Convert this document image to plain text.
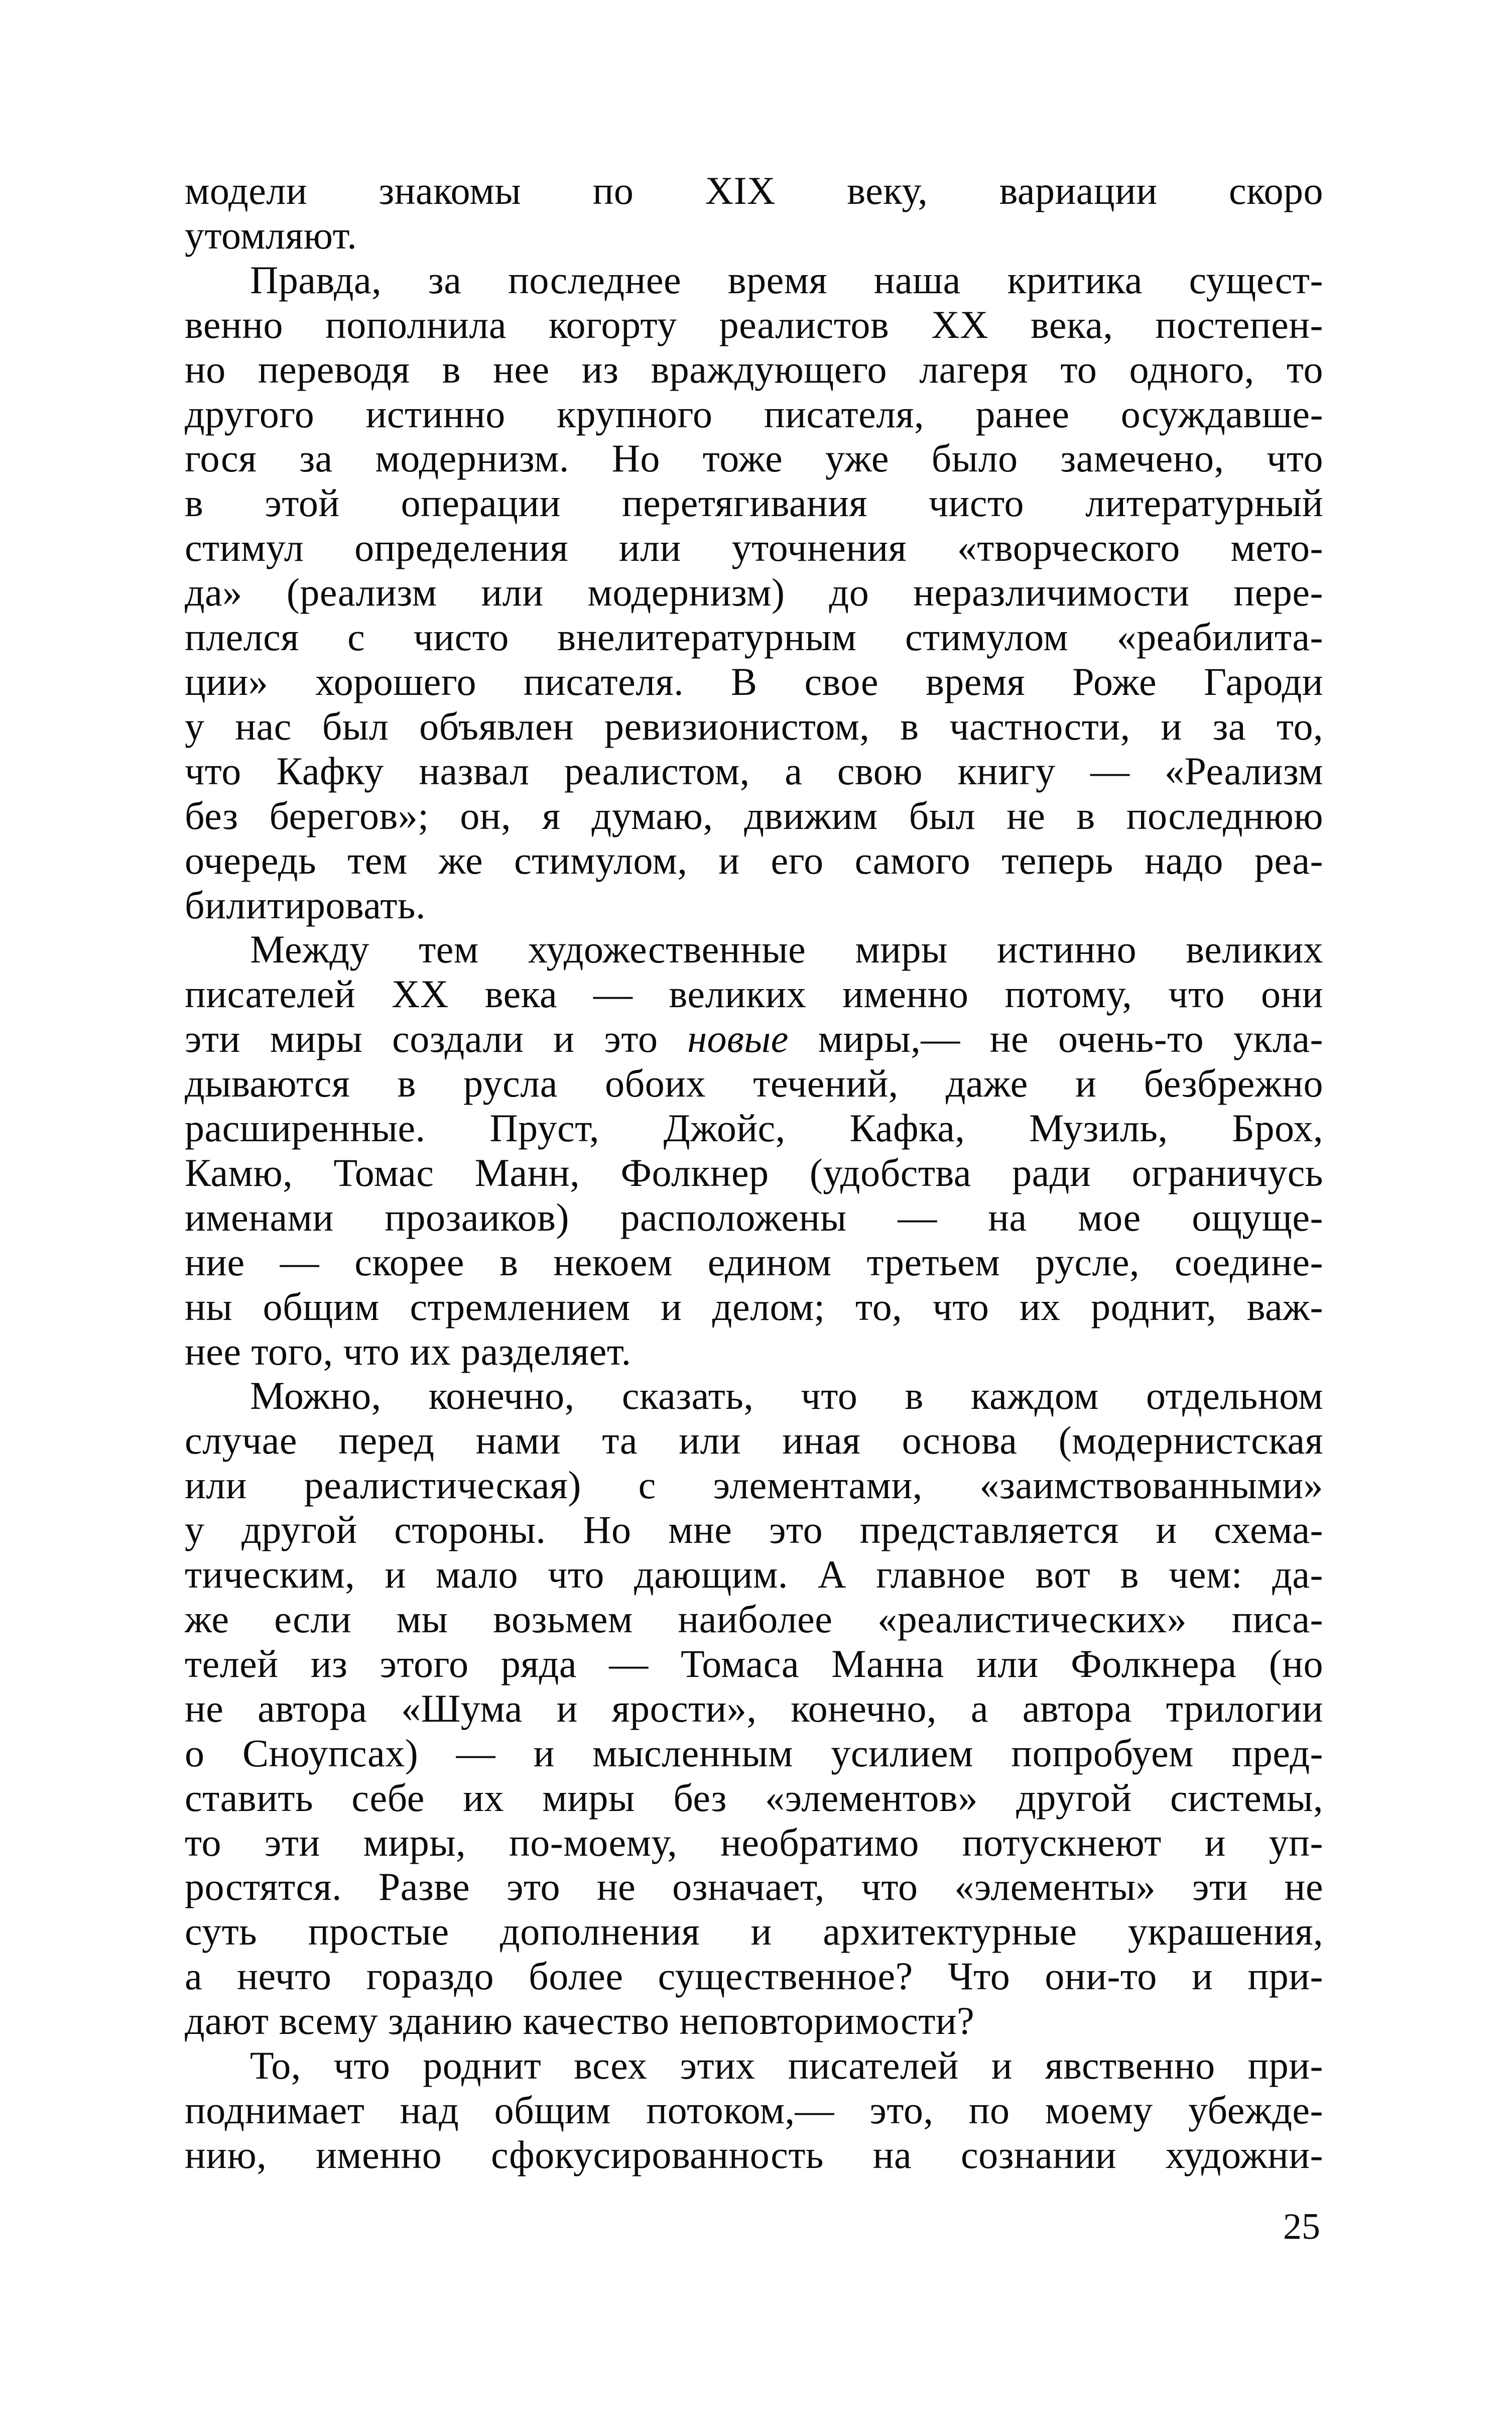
модели знакомы по XIX веку, вариации скоро
утомляют.
Правда, за последнее время наша критика сущест-
венно пополнила когорту реалистов XX века, постепен-
но переводя в нее из враждующего лагеря то одного, то
другого истинно крупного писателя, ранее осуждавше-
гося за модернизм. Но тоже уже было замечено, что
в этой операции перетягивания чисто литературный
стимул определения или уточнения «творческого мето-
да» (реализм или модернизм) до неразличимости пере-
плелся с чисто внелитературным стимулом «реабилита-
ции» хорошего писателя. В свое время Роже Гароди
у нас был объявлен ревизионистом, в частности, и за то,
что Кафку назвал реалистом, а свою книгу — «Реализм
без берегов»; он, я думаю, движим был не в последнюю
очередь тем же стимулом, и его самого теперь надо реа-
билитировать.
Между тем художественные миры истинно великих
писателей XX века — великих именно потому, что они
эти миры создали и это новые миры,— не очень-то укла-
дываются в русла обоих течений, даже и безбрежно
расширенные. Пруст, Джойс, Кафка, Музиль, Брох,
Камю, Томас Манн, Фолкнер (удобства ради ограничусь
именами прозаиков) расположены — на мое ощуще-
ние — скорее в некоем едином третьем русле, соедине-
ны общим стремлением и делом; то, что их роднит, важ-
нее того, что их разделяет.
Можно, конечно, сказать, что в каждом отдельном
случае перед нами та или иная основа (модернистская
или реалистическая) с элементами, «заимствованными»
у другой стороны. Но мне это представляется и схема-
тическим, и мало что дающим. А главное вот в чем: да-
же если мы возьмем наиболее «реалистических» писа-
телей из этого ряда — Томаса Манна или Фолкнера (но
не автора «Шума и ярости», конечно, а автора трилогии
о Сноупсах) — и мысленным усилием попробуем пред-
ставить себе их миры без «элементов» другой системы,
то эти миры, по-моему, необратимо потускнеют и уп-
ростятся. Разве это не означает, что «элементы» эти не
суть простые дополнения и архитектурные украшения,
а нечто гораздо более существенное? Что они-то и при-
дают всему зданию качество неповторимости?
То, что роднит всех этих писателей и явственно при-
поднимает над общим потоком,— это, по моему убежде-
нию, именно сфокусированность на сознании художни-
25
